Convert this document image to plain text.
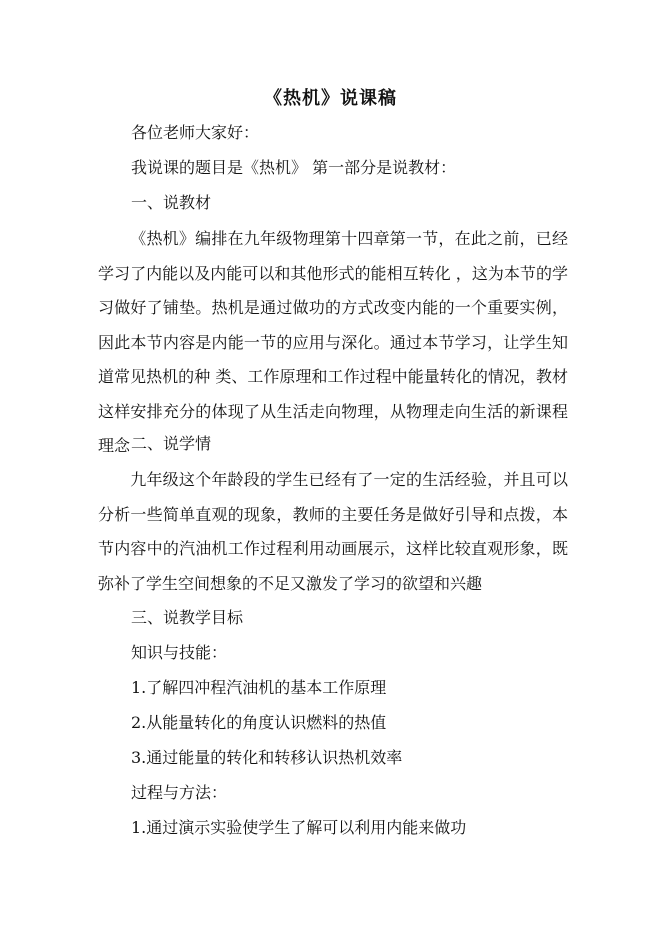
《热机》说课稿

各位老师大家好：

我说课的题目是《热机》 第一部分是说教材：

一、说教材

《热机》编排在九年级物理第十四章第一节，在此之前，已经学习了内能以及内能可以和其他形式的能相互转化 ，这为本节的学习做好了铺垫。热机是通过做功的方式改变内能的一个重要实例，因此本节内容是内能一节的应用与深化。通过本节学习，让学生知道常见热机的种 类、工作原理和工作过程中能量转化的情况，教材这样安排充分的体现了从生活走向物理，从物理走向生活的新课程理念 二、说学情

九年级这个年龄段的学生已经有了一定的生活经验，并且可以分析一些简单直观的现象，教师的主要任务是做好引导和点拨，本节内容中的汽油机工作过程利用动画展示，这样比较直观形象，既弥补了学生空间想象的不足又激发了学习的欲望和兴趣

三、说教学目标

知识与技能：

1.了解四冲程汽油机的基本工作原理

2.从能量转化的角度认识燃料的热值

3.通过能量的转化和转移认识热机效率

过程与方法：

1.通过演示实验使学生了解可以利用内能来做功
